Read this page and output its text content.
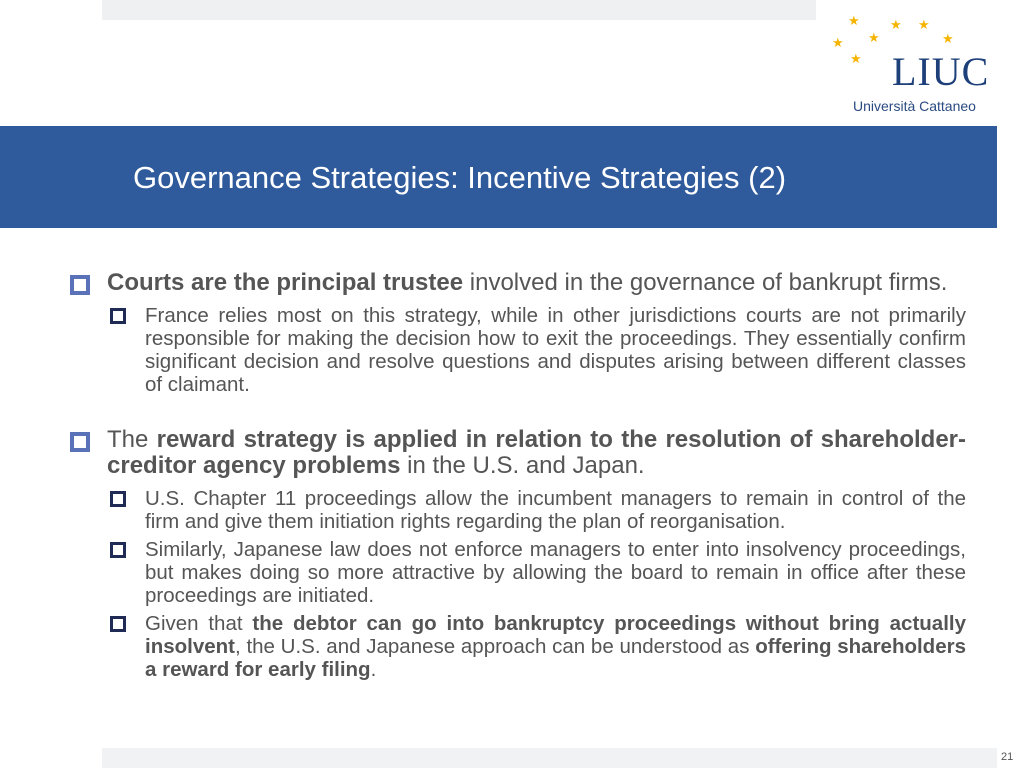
★ ★ ★
★ ★	★
★ LIUC
Università Cattaneo
Governance Strategies: Incentive Strategies (2)
Courts are the principal trustee involved in the governance of bankrupt firms.
France relies most on this strategy, while in other jurisdictions courts are not primarily responsible for making the decision how to exit the proceedings. They essentially confirm significant decision and resolve questions and disputes arising between different classes of claimant.
The reward strategy is applied in relation to the resolution of shareholder-creditor agency problems in the U.S. and Japan.
U.S. Chapter 11 proceedings allow the incumbent managers to remain in control of the firm and give them initiation rights regarding the plan of reorganisation.
Similarly, Japanese law does not enforce managers to enter into insolvency proceedings, but makes doing so more attractive by allowing the board to remain in office after these proceedings are initiated.
Given that the debtor can go into bankruptcy proceedings without bring actually insolvent, the U.S. and Japanese approach can be understood as offering shareholders a reward for early filing.
21
